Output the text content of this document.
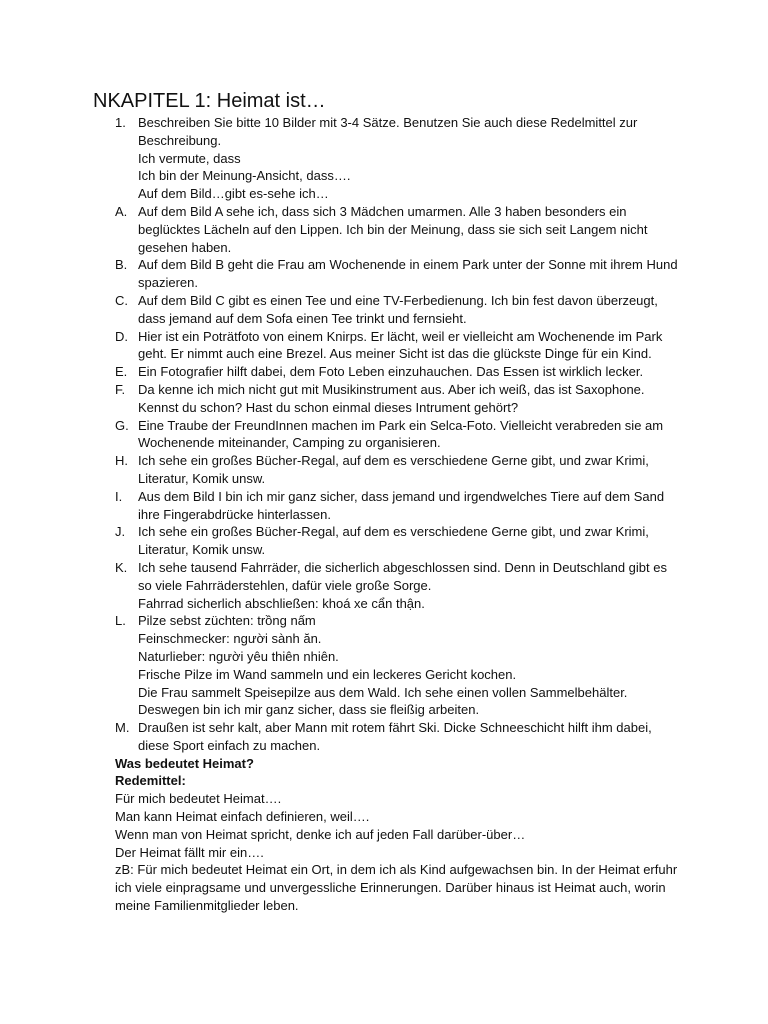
NKAPITEL 1: Heimat ist…
1. Beschreiben Sie bitte 10 Bilder mit 3-4 Sätze. Benutzen Sie auch diese Redelmittel zur Beschreibung.
Ich vermute, dass
Ich bin der Meinung-Ansicht, dass….
Auf dem Bild…gibt es-sehe ich…
A. Auf dem Bild A sehe ich, dass sich 3 Mädchen umarmen. Alle 3 haben besonders ein beglücktes Lächeln auf den Lippen. Ich bin der Meinung, dass sie sich seit Langem nicht gesehen haben.
B. Auf dem Bild B geht die Frau am Wochenende in einem Park unter der Sonne mit ihrem Hund spazieren.
C. Auf dem Bild C gibt es einen Tee und eine TV-Ferbedienung. Ich bin fest davon überzeugt, dass jemand auf dem Sofa einen Tee trinkt und fernsieht.
D. Hier ist ein Poträtfoto von einem Knirps. Er lächt, weil er vielleicht am Wochenende im Park geht. Er nimmt auch eine Brezel. Aus meiner Sicht ist das die glückste Dinge für ein Kind.
E. Ein Fotografier hilft dabei, dem Foto Leben einzuhauchen. Das Essen ist wirklich lecker.
F. Da kenne ich mich nicht gut mit Musikinstrument aus. Aber ich weiß, das ist Saxophone. Kennst du schon? Hast du schon einmal dieses Intrument gehört?
G. Eine Traube der FreundInnen machen im Park ein Selca-Foto. Vielleicht verabreden sie am Wochenende miteinander, Camping zu organisieren.
H. Ich sehe ein großes Bücher-Regal, auf dem es verschiedene Gerne gibt, und zwar Krimi, Literatur, Komik unsw.
I.	Aus dem Bild I bin ich mir ganz sicher, dass jemand und irgendwelches Tiere auf dem Sand ihre Fingerabdrücke hinterlassen.
J. Ich sehe ein großes Bücher-Regal, auf dem es verschiedene Gerne gibt, und zwar Krimi, Literatur, Komik unsw.
K. Ich sehe tausend Fahrräder, die sicherlich abgeschlossen sind. Denn in Deutschland gibt es so viele Fahrräderstehlen, dafür viele große Sorge.
Fahrrad sicherlich abschließen: khoá xe cẩn thận.
L. Pilze sebst züchten: trồng nấm
Feinschmecker: người sành ăn.
Naturlieber: người yêu thiên nhiên.
Frische Pilze im Wand sammeln und ein leckeres Gericht kochen.
Die Frau sammelt Speisepilze aus dem Wald. Ich sehe einen vollen Sammelbehälter. Deswegen bin ich mir ganz sicher, dass sie fleißig arbeiten.
M. Draußen ist sehr kalt, aber Mann mit rotem fährt Ski. Dicke Schneeschicht hilft ihm dabei, diese Sport einfach zu machen.
Was bedeutet Heimat?
Redemittel:
Für mich bedeutet Heimat….
Man kann Heimat einfach definieren, weil….
Wenn man von Heimat spricht, denke ich auf jeden Fall darüber-über…
Der Heimat fällt mir ein….
zB: Für mich bedeutet Heimat ein Ort, in dem ich als Kind aufgewachsen bin. In der Heimat erfuhr ich viele einpragsame und unvergessliche Erinnerungen. Darüber hinaus ist Heimat auch, worin meine Familienmitglieder leben.
